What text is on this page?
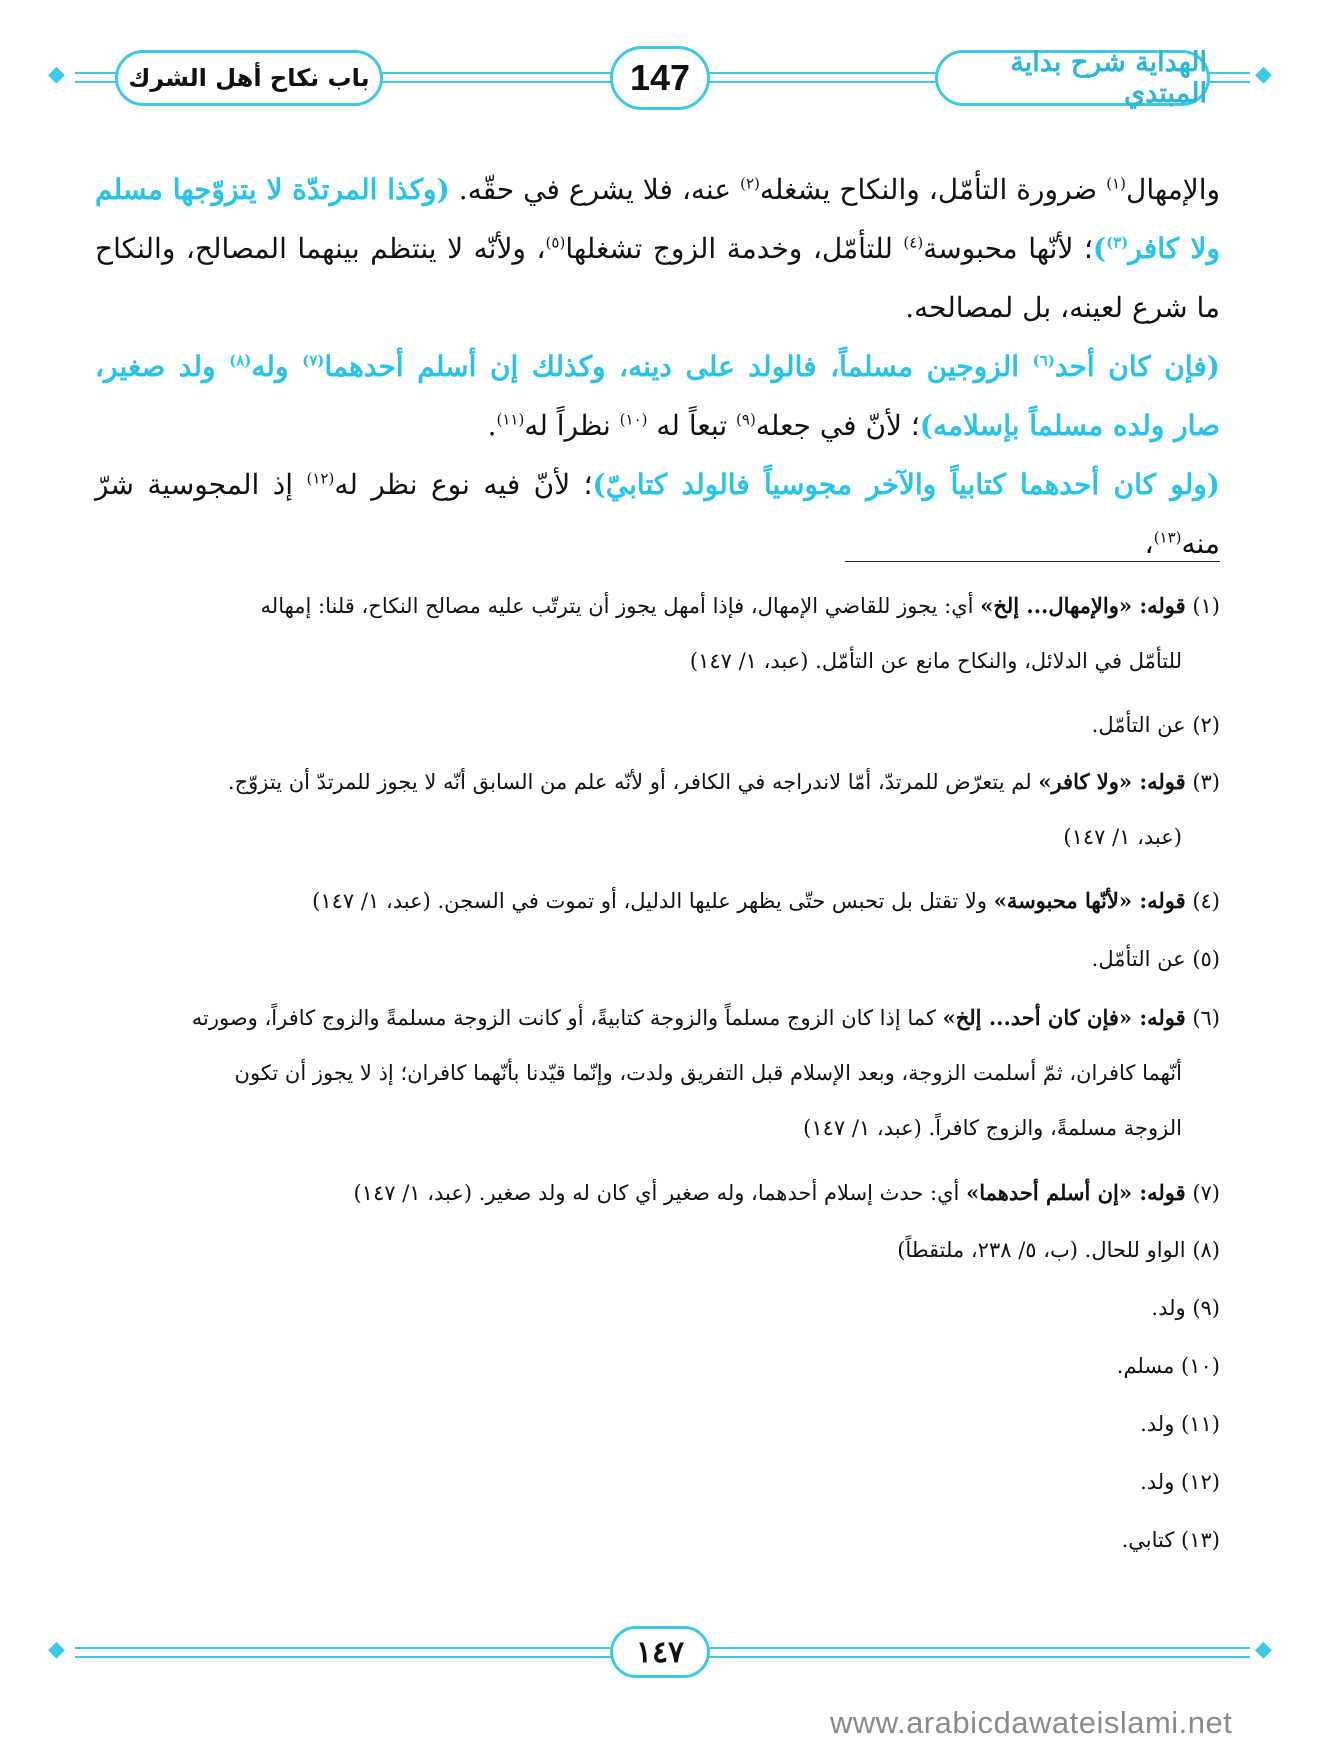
◆	◆
باب نكاح أهل الشرك	147	الهداية شرح بداية المبتدي
والإمهال$^{(١)}$ ضرورة التأمّل، والنكاح يشغله$^{(٢)}$ عنه، فلا يشرع في حقّه. (وكذا المرتدّة لا يتزوّجها مسلم ولا كافر$^{(٣)}$)؛ لأنّها محبوسة$^{(٤)}$ للتأمّل، وخدمة الزوج تشغلها$^{(٥)}$، ولأنّه لا ينتظم بينهما المصالح، والنكاح ما شرع لعينه، بل لمصالحه.
(فإن كان أحد$^{(٦)}$ الزوجين مسلماً، فالولد على دينه، وكذلك إن أسلم أحدهما$^{(٧)}$ وله$^{(٨)}$ ولد صغير، صار ولده مسلماً بإسلامه)؛ لأنّ في جعله$^{(٩)}$ تبعاً له $^{(١٠)}$ نظراً له$^{(١١)}$.
(ولو كان أحدهما كتابياً والآخر مجوسياً فالولد كتابيّ)؛ لأنّ فيه نوع نظر له$^{(١٢)}$ إذ المجوسية شرّ منه$^{(١٣)}$،
(١) قوله: «والإمهال... إلخ» أي: يجوز للقاضي الإمهال، فإذا أمهل يجوز أن يترتّب عليه مصالح النكاح، قلنا: إمهاله
للتأمّل في الدلائل، والنكاح مانع عن التأمّل. (عبد، ١/ ١٤٧)
(٢) عن التأمّل.
(٣) قوله: «ولا كافر» لم يتعرّض للمرتدّ، أمّا لاندراجه في الكافر، أو لأنّه علم من السابق أنّه لا يجوز للمرتدّ أن يتزوّج.
(عبد، ١/ ١٤٧)
(٤) قوله: «لأنّها محبوسة» ولا تقتل بل تحبس حتّى يظهر عليها الدليل، أو تموت في السجن. (عبد، ١/ ١٤٧)
(٥) عن التأمّل.
(٦) قوله: «فإن كان أحد... إلخ» كما إذا كان الزوج مسلماً والزوجة كتابيةً، أو كانت الزوجة مسلمةً والزوج كافراً، وصورته
أنّهما كافران، ثمّ أسلمت الزوجة، وبعد الإسلام قبل التفريق ولدت، وإنّما قيّدنا بأنّهما كافران؛ إذ لا يجوز أن تكون
الزوجة مسلمةً، والزوج كافراً. (عبد، ١/ ١٤٧)
(٧) قوله: «إن أسلم أحدهما» أي: حدث إسلام أحدهما، وله صغير أي كان له ولد صغير. (عبد، ١/ ١٤٧)
(٨) الواو للحال. (ب، ٥/ ٢٣٨، ملتقطاً)
(٩) ولد.
(١٠) مسلم.
(١١) ولد.
(١٢) ولد.
(١٣) كتابي.
◆	◆
١٤٧
www.arabicdawateislami.net
